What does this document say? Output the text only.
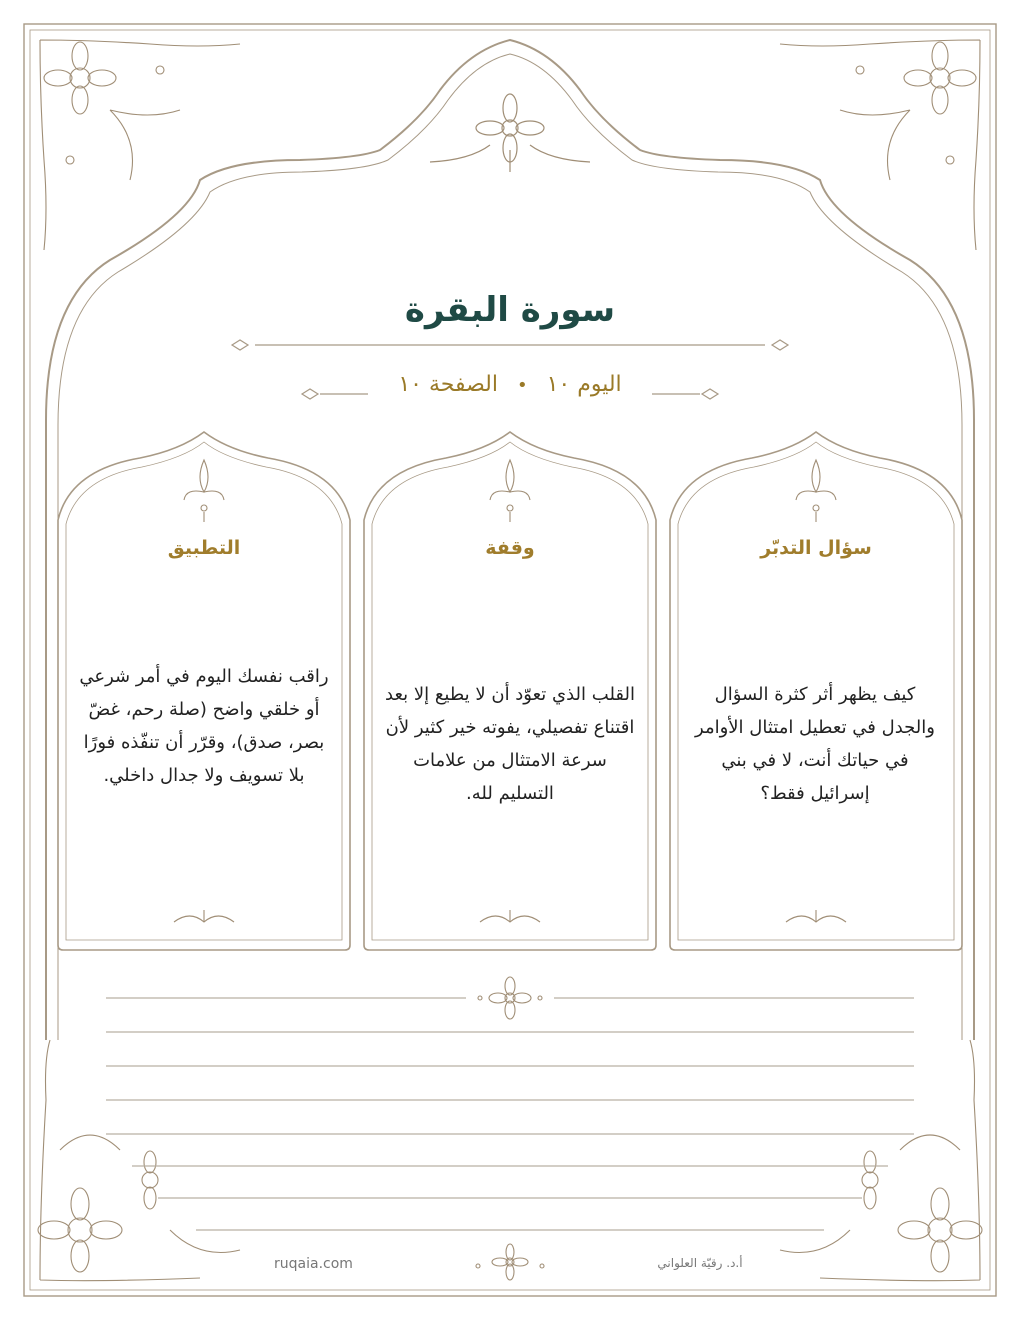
سورة البقرة
اليوم ١٠ • الصفحة ١٠
سؤال التدبّر
كيف يظهر أثر كثرة السؤال والجدل في تعطيل امتثال الأوامر في حياتك أنت، لا في بني إسرائيل فقط؟
وقفة
القلب الذي تعوّد أن لا يطيع إلا بعد اقتناع تفصيلي، يفوته خير كثير لأن سرعة الامتثال من علامات التسليم لله.
التطبيق
راقب نفسك اليوم في أمر شرعي أو خلقي واضح (صلة رحم، غضّ بصر، صدق)، وقرّر أن تنفّذه فورًا بلا تسويف ولا جدال داخلي.
ruqaia.com	أ.د. رقيّة العلواني
